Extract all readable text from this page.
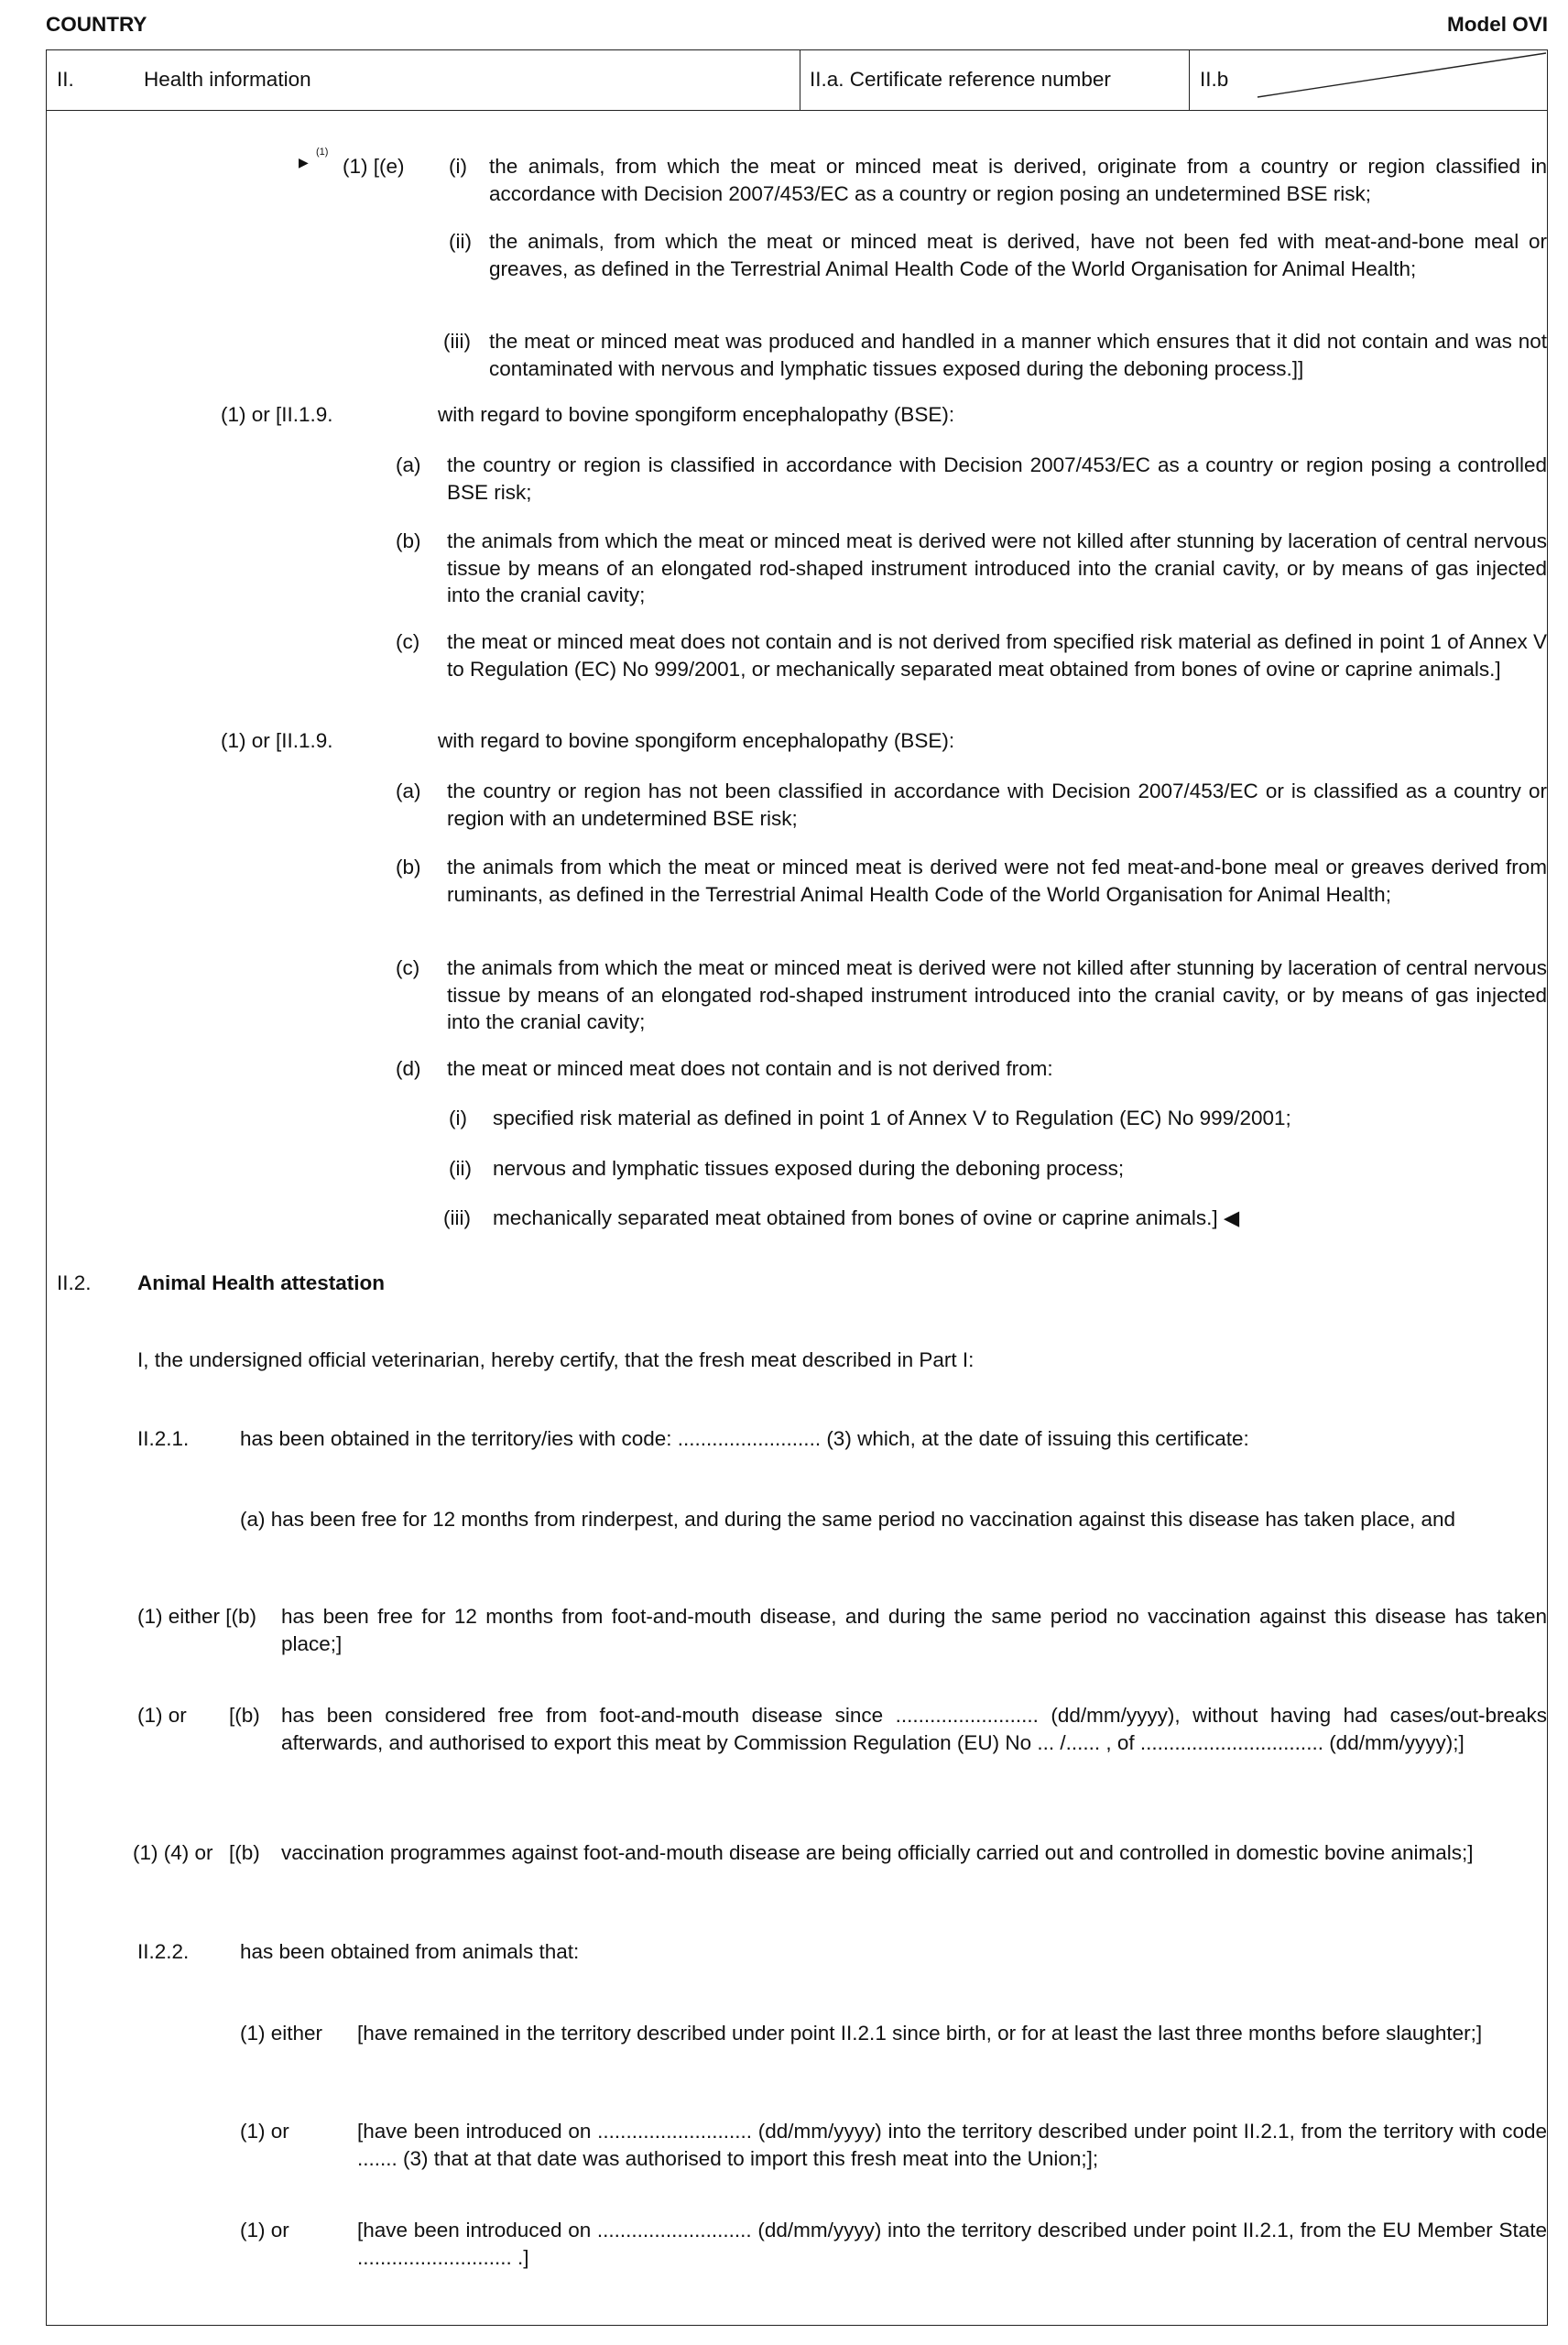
COUNTRY	Model OVI
II.	Health information	II.a. Certificate reference number	II.b
▶
(1)
(1) [(e) (i) the animals, from which the meat or minced meat is derived, originate from a country or region classified in accordance with Decision 2007/453/EC as a country or region posing an undetermined BSE risk;
(ii) the animals, from which the meat or minced meat is derived, have not been fed with meat-and-bone meal or greaves, as defined in the Terrestrial Animal Health Code of the World Organisation for Animal Health;
(iii) the meat or minced meat was produced and handled in a manner which ensures that it did not contain and was not contaminated with nervous and lymphatic tissues exposed during the deboning process.]]
(1) or [II.1.9.	with regard to bovine spongiform encephalopathy (BSE):
(a) the country or region is classified in accordance with Decision 2007/453/EC as a country or region posing a controlled BSE risk;
(b) the animals from which the meat or minced meat is derived were not killed after stunning by laceration of central nervous tissue by means of an elongated rod-shaped instrument introduced into the cranial cavity, or by means of gas injected into the cranial cavity;
(c) the meat or minced meat does not contain and is not derived from specified risk material as defined in point 1 of Annex V to Regulation (EC) No 999/2001, or mechanically separated meat obtained from bones of ovine or caprine animals.]
(1) or [II.1.9.	with regard to bovine spongiform encephalopathy (BSE):
(a) the country or region has not been classified in accordance with Decision 2007/453/EC or is classified as a country or region with an undetermined BSE risk;
(b) the animals from which the meat or minced meat is derived were not fed meat-and-bone meal or greaves derived from ruminants, as defined in the Terrestrial Animal Health Code of the World Organisation for Animal Health;
(c) the animals from which the meat or minced meat is derived were not killed after stunning by laceration of central nervous tissue by means of an elongated rod-shaped instrument introduced into the cranial cavity, or by means of gas injected into the cranial cavity;
(d) the meat or minced meat does not contain and is not derived from:
(i) specified risk material as defined in point 1 of Annex V to Regulation (EC) No 999/2001;
(ii) nervous and lymphatic tissues exposed during the deboning process;
(iii) mechanically separated meat obtained from bones of ovine or caprine animals.] ◀
II.2. Animal Health attestation
I, the undersigned official veterinarian, hereby certify, that the fresh meat described in Part I:
II.2.1. has been obtained in the territory/ies with code: ......................... (3) which, at the date of issuing this certificate:
(a) has been free for 12 months from rinderpest, and during the same period no vaccination against this disease has taken place, and
(1) either [(b) has been free for 12 months from foot-and-mouth disease, and during the same period no vaccination against this disease has taken place;]
(1) or [(b) has been considered free from foot-and-mouth disease since ......................... (dd/mm/yyyy), without having had cases/out-breaks afterwards, and authorised to export this meat by Commission Regulation (EU) No ... /...... , of ................................ (dd/mm/yyyy);]
(1) (4) or [(b) vaccination programmes against foot-and-mouth disease are being officially carried out and controlled in domestic bovine animals;]
II.2.2. has been obtained from animals that:
(1) either [have remained in the territory described under point II.2.1 since birth, or for at least the last three months before slaughter;]
(1) or	[have been introduced on ........................... (dd/mm/yyyy) into the territory described under point II.2.1, from the territory with code ....... (3) that at that date was authorised to import this fresh meat into the Union;];
(1) or	[have been introduced on ........................... (dd/mm/yyyy) into the territory described under point II.2.1, from the EU Member State ........................... .]
